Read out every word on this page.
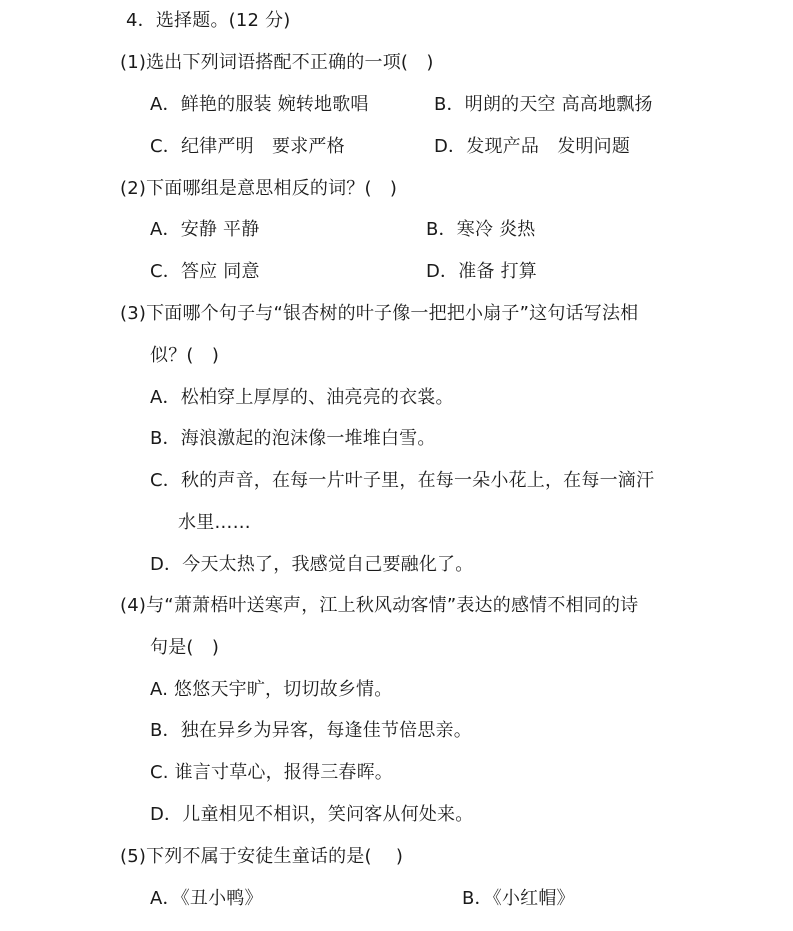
4．选择题。(12 分)
(1)选出下列词语搭配不正确的一项(　)
A．鲜艳的服装 婉转地歌唱	B．明朗的天空 高高地飘扬
C．纪律严明　要求严格	D．发现产品　发明问题
(2)下面哪组是意思相反的词？(　)
A．安静 平静	B．寒冷 炎热
C．答应 同意	D．准备 打算
(3)下面哪个句子与“银杏树的叶子像一把把小扇子”这句话写法相
似？(　)
A．松柏穿上厚厚的、油亮亮的衣裳。
B．海浪激起的泡沫像一堆堆白雪。
C．秋的声音，在每一片叶子里，在每一朵小花上，在每一滴汗
水里……
D．今天太热了，我感觉自己要融化了。
(4)与“萧萧梧叶送寒声，江上秋风动客情”表达的感情不相同的诗
句是(　)
A. 悠悠天宇旷，切切故乡情。
B．独在异乡为异客，每逢佳节倍思亲。
C. 谁言寸草心，报得三春晖。
D．儿童相见不相识，笑问客从何处来。
(5)下列不属于安徒生童话的是(　 )
A．《丑小鸭》	B．《小红帽》
